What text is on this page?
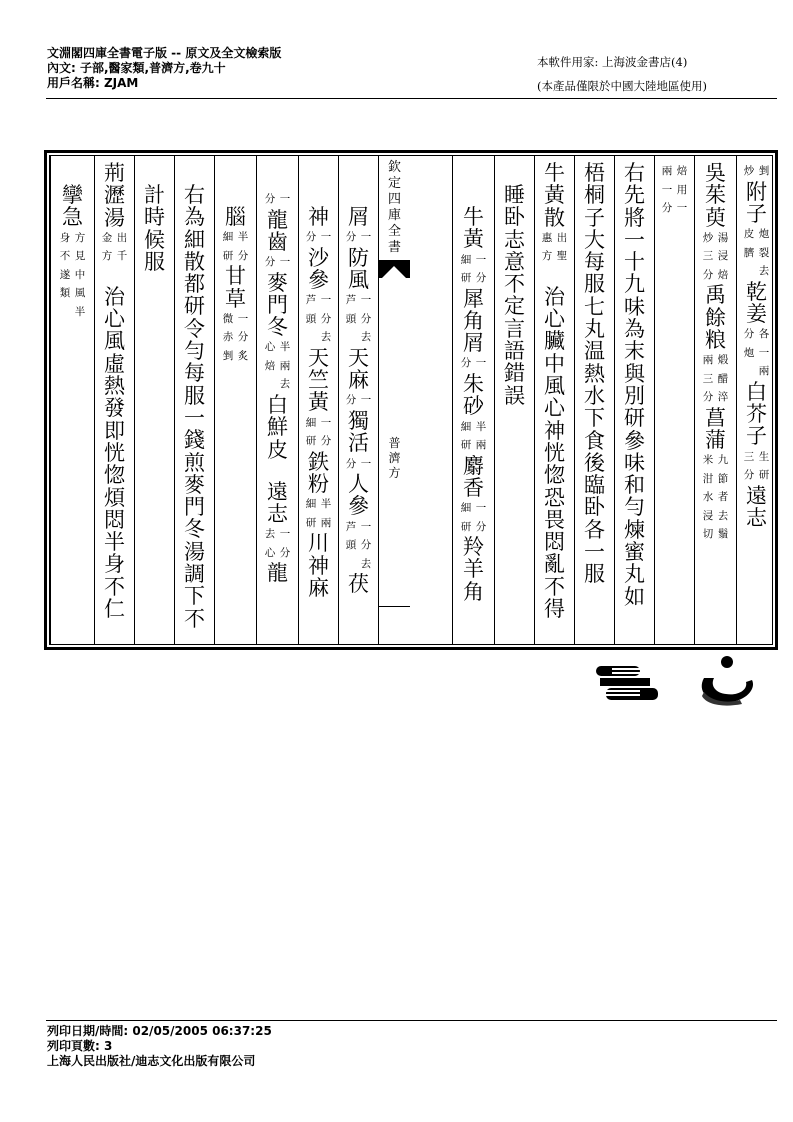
文淵閣四庫全書電子版 -- 原文及全文檢索版
內文: 子部,醫家類,普濟方,卷九十
用戶名稱: ZJAM
本軟件用家: 上海波金書店(4)
(本產品僅限於中國大陸地區使用)
剉
炒
附
子
炮
裂
去
皮
臍

乾
姜
各
一
兩
分
炮

白
芥
子
生
研
三
分
遠
志
吳
茱
萸
湯
浸
焙
炒
三
分
禹
餘
粮
煅
醋
淬
兩
三
分
菖
蒲
九
節
者
去
鬚
米
泔
水
浸
切
焙
用
一
兩
一
分
右
先
將
一
十
九
味
為
末
與
別
研
參
味
和
勻
煉
蜜
丸
如
梧
桐
子
大
每
服
七
丸
温
熱
水
下
食
後
臨
卧
各
一
服
牛
黃
散
出
聖
惠
方
治
心
臟
中
風
心
神
恍
惚
恐
畏
悶
亂
不
得
睡
卧
志
意
不
定
言
語
錯
誤
牛
黃
一
分
細
研
犀
角
屑
一
分
朱
砂
半
兩
細
研
麝
香
一
分
細
研
羚
羊
角
屑
一
分
防
風
一
分
去
芦
頭

天
麻
一
分
獨
活
一
分
人
參
一
分
去
芦
頭

茯
神
一
分
沙
參
一
分
去
芦
頭

天
竺
黃
一
分
細
研
鉄
粉
半
兩
細
研
川
神
麻
一
分
龍
齒
一
分
麥
門
冬
半
兩
去
心
焙

白
鮮
皮
遠
志
一
分
去
心
龍
腦
半
分
細
研
甘
草
一
分
炙
微
赤
剉
右
為
細
散
都
研
令
勻
每
服
一
錢
煎
麥
門
冬
湯
調
下
不
計
時
候
服
荊
瀝
湯
出
千
金
方
治
心
風
虛
熱
發
即
恍
惚
煩
悶
半
身
不
仁
攣
急
方
見
中
風
半
身
不
遂
類

欽
定
四
庫
全
書
普
濟
方
列印日期/時間: 02/05/2005 06:37:25
列印頁數: 3
上海人民出版社/迪志文化出版有限公司
